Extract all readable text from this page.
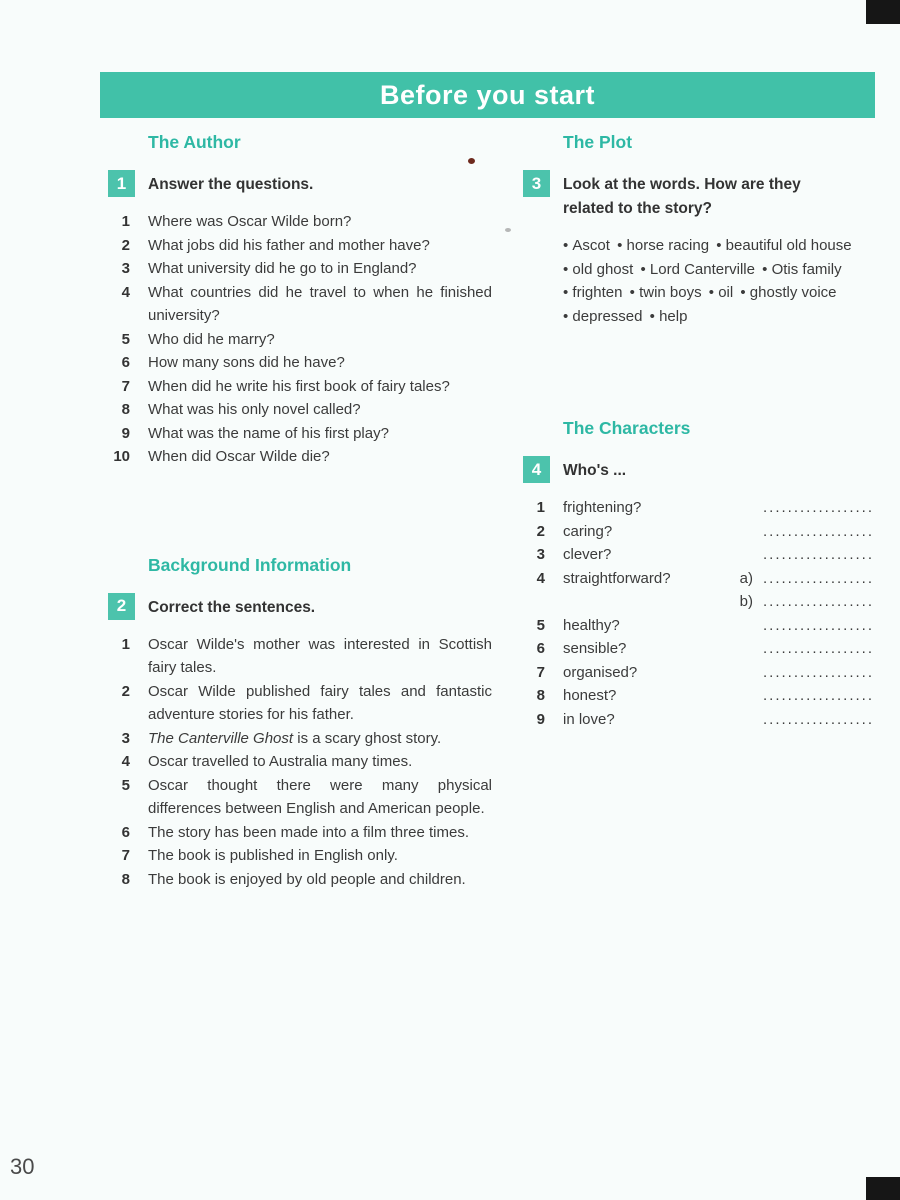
Before you start
The Author
1	Answer the questions.
1 Where was Oscar Wilde born?
2 What jobs did his father and mother have?
3 What university did he go to in England?
4 What countries did he travel to when he finished university?
5 Who did he marry?
6 How many sons did he have?
7 When did he write his first book of fairy tales?
8 What was his only novel called?
9 What was the name of his first play?
10 When did Oscar Wilde die?
Background Information
2	Correct the sentences.
1 Oscar Wilde's mother was interested in Scottish fairy tales.
2 Oscar Wilde published fairy tales and fantastic adventure stories for his father.
3 The Canterville Ghost is a scary ghost story.
4 Oscar travelled to Australia many times.
5 Oscar thought there were many physical differences between English and American people.
6 The story has been made into a film three times.
7 The book is published in English only.
8 The book is enjoyed by old people and children.
The Plot
3	Look at the words. How are they related to the story?
• Ascot • horse racing • beautiful old house • old ghost • Lord Canterville • Otis family • frighten • twin boys • oil • ghostly voice • depressed • help
The Characters
4	Who's ...
1 frightening?	..................
2 caring?	..................
3 clever?	..................
4 straightforward?	a) ..................
b) ..................
5 healthy?	..................
6 sensible?	..................
7 organised?	..................
8 honest?	..................
9 in love?	..................
30
